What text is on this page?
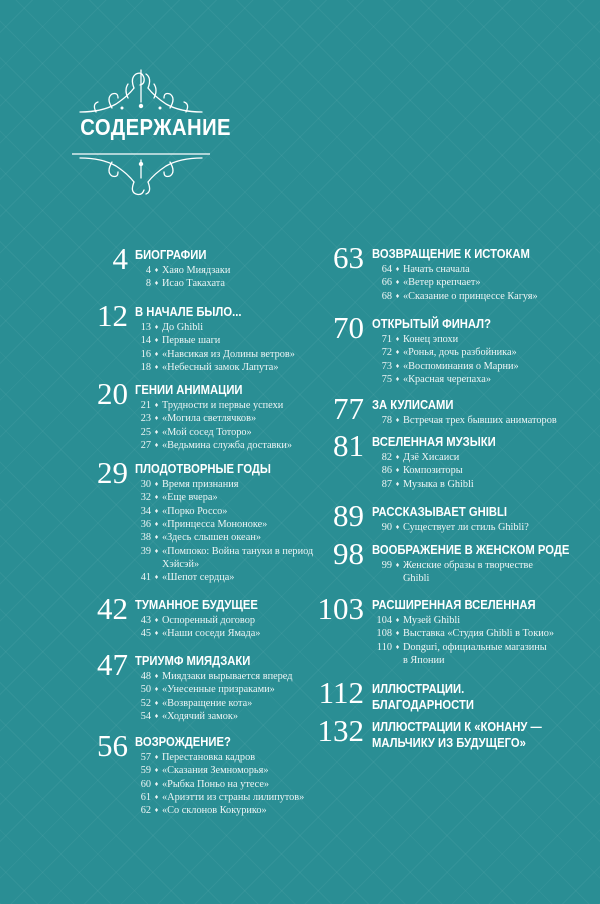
СОДЕРЖАНИЕ
4 БИОГРАФИИ
4 ♦ Хаяо Миядзаки
8 ♦ Исао Такахата
12 В НАЧАЛЕ БЫЛО...
13 ♦ До Ghibli
14 ♦ Первые шаги
16 ♦ «Навсикая из Долины ветров»
18 ♦ «Небесный замок Лапута»
20 ГЕНИИ АНИМАЦИИ
21 ♦ Трудности и первые успехи
23 ♦ «Могила светлячков»
25 ♦ «Мой сосед Тоторо»
27 ♦ «Ведьмина служба доставки»
29 ПЛОДОТВОРНЫЕ ГОДЫ
30 ♦ Время признания
32 ♦ «Еще вчера»
34 ♦ «Порко Россо»
36 ♦ «Принцесса Мононоке»
38 ♦ «Здесь слышен океан»
39 ♦ «Помпоко: Война тануки в период
Хэйсэй»
41 ♦ «Шепот сердца»
42 ТУМАННОЕ БУДУЩЕЕ
43 ♦ Оспоренный договор
45 ♦ «Наши соседи Ямада»
47 ТРИУМФ МИЯДЗАКИ
48 ♦ Миядзаки вырывается вперед
50 ♦ «Унесенные призраками»
52 ♦ «Возвращение кота»
54 ♦ «Ходячий замок»
56 ВОЗРОЖДЕНИЕ?
57 ♦ Перестановка кадров
59 ♦ «Сказания Земноморья»
60 ♦ «Рыбка Поньо на утесе»
61 ♦ «Ариэтти из страны лилипутов»
62 ♦ «Со склонов Кокурико»
63 ВОЗВРАЩЕНИЕ К ИСТОКАМ
64 ♦ Начать сначала
66 ♦ «Ветер крепчает»
68 ♦ «Сказание о принцессе Кагуя»
70 ОТКРЫТЫЙ ФИНАЛ?
71 ♦ Конец эпохи
72 ♦ «Ронья, дочь разбойника»
73 ♦ «Воспоминания о Марни»
75 ♦ «Красная черепаха»
77 ЗА КУЛИСАМИ
78 ♦ Встречая трех бывших аниматоров
81 ВСЕЛЕННАЯ МУЗЫКИ
82 ♦ Дзё Хисаиси
86 ♦ Композиторы
87 ♦ Музыка в Ghibli
89 РАССКАЗЫВАЕТ GHIBLI
90 ♦ Существует ли стиль Ghibli?
98 ВООБРАЖЕНИЕ В ЖЕНСКОМ РОДЕ
99 ♦ Женские образы в творчестве
Ghibli
103 РАСШИРЕННАЯ ВСЕЛЕННАЯ
104 ♦ Музей Ghibli
108 ♦ Выставка «Студия Ghibli в Токио»
110 ♦ Donguri, официальные магазины
в Японии
112 ИЛЛЮСТРАЦИИ.
БЛАГОДАРНОСТИ
132 ИЛЛЮСТРАЦИИ К «КОНАНУ —
МАЛЬЧИКУ ИЗ БУДУЩЕГО»
